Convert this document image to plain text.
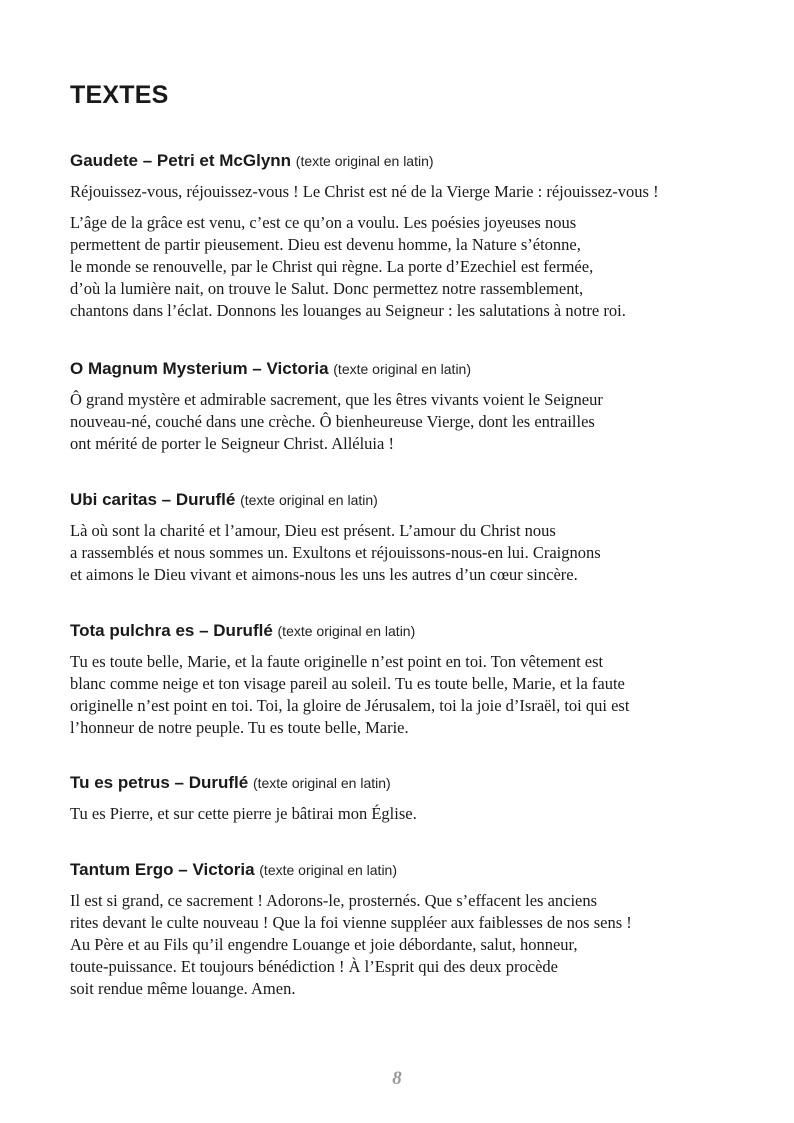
TEXTES

Gaudete – Petri et McGlynn (texte original en latin)

Réjouissez-vous, réjouissez-vous ! Le Christ est né de la Vierge Marie : réjouissez-vous !

L’âge de la grâce est venu, c’est ce qu’on a voulu. Les poésies joyeuses nous
permettent de partir pieusement. Dieu est devenu homme, la Nature s’étonne,
le monde se renouvelle, par le Christ qui règne. La porte d’Ezechiel est fermée,
d’où la lumière nait, on trouve le Salut. Donc permettez notre rassemblement,
chantons dans l’éclat. Donnons les louanges au Seigneur : les salutations à notre roi.

O Magnum Mysterium – Victoria (texte original en latin)

Ô grand mystère et admirable sacrement, que les êtres vivants voient le Seigneur
nouveau-né, couché dans une crèche. Ô bienheureuse Vierge, dont les entrailles
ont mérité de porter le Seigneur Christ. Alléluia !

Ubi caritas – Duruflé (texte original en latin)

Là où sont la charité et l’amour, Dieu est présent. L’amour du Christ nous
a rassemblés et nous sommes un. Exultons et réjouissons-nous-en lui. Craignons
et aimons le Dieu vivant et aimons-nous les uns les autres d’un cœur sincère.

Tota pulchra es – Duruflé (texte original en latin)

Tu es toute belle, Marie, et la faute originelle n’est point en toi. Ton vêtement est
blanc comme neige et ton visage pareil au soleil. Tu es toute belle, Marie, et la faute
originelle n’est point en toi. Toi, la gloire de Jérusalem, toi la joie d’Israël, toi qui est
l’honneur de notre peuple. Tu es toute belle, Marie.

Tu es petrus – Duruflé (texte original en latin)

Tu es Pierre, et sur cette pierre je bâtirai mon Église.

Tantum Ergo – Victoria (texte original en latin)

Il est si grand, ce sacrement ! Adorons-le, prosternés. Que s’effacent les anciens
rites devant le culte nouveau ! Que la foi vienne suppléer aux faiblesses de nos sens !
Au Père et au Fils qu’il engendre Louange et joie débordante, salut, honneur,
toute-puissance. Et toujours bénédiction ! À l’Esprit qui des deux procède
soit rendue même louange. Amen.

8
